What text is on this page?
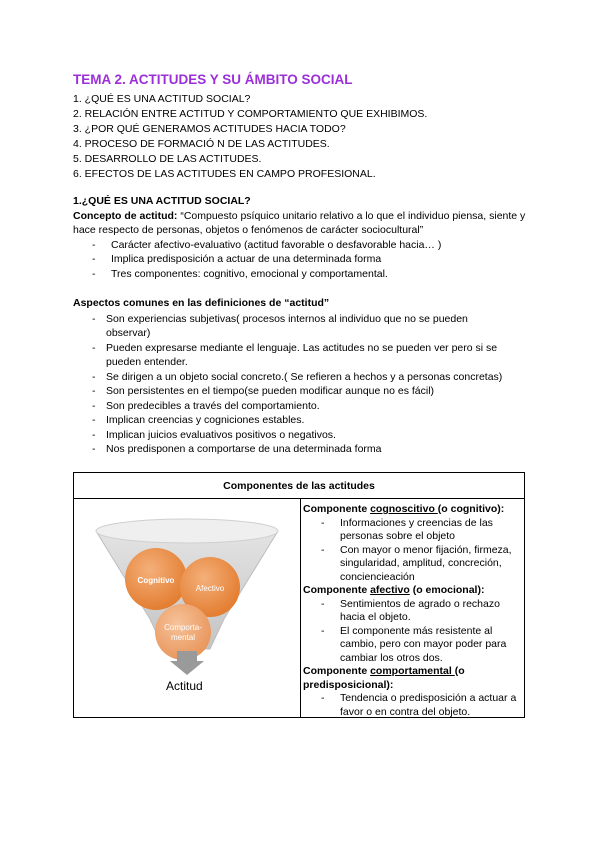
TEMA 2. ACTITUDES Y SU ÁMBITO SOCIAL
1. ¿QUÉ ES UNA ACTITUD SOCIAL?
2. RELACIÓN ENTRE ACTITUD Y COMPORTAMIENTO QUE EXHIBIMOS.
3. ¿POR QUÉ GENERAMOS ACTITUDES HACIA TODO?
4. PROCESO DE FORMACIÓ N DE LAS ACTITUDES.
5. DESARROLLO DE LAS ACTITUDES.
6. EFECTOS DE LAS ACTITUDES EN CAMPO PROFESIONAL.
1.¿QUÉ ES UNA ACTITUD SOCIAL?

Concepto de actitud: “Compuesto psíquico unitario relativo a lo que el individuo piensa, siente y hace respecto de personas, objetos o fenómenos de carácter sociocultural”

- Carácter afectivo-evaluativo (actitud favorable o desfavorable hacia… )
- Implica predisposición a actuar de una determinada forma
- Tres componentes: cognitivo, emocional y comportamental.
Aspectos comunes en las definiciones de “actitud”
- Son experiencias subjetivas( procesos internos al individuo que no se pueden observar)
- Pueden expresarse mediante el lenguaje. Las actitudes no se pueden ver pero si se pueden entender.
- Se dirigen a un objeto social concreto.( Se refieren a hechos y a personas concretas)
- Son persistentes en el tiempo(se pueden modificar aunque no es fácil)
- Son predecibles a través del comportamiento.
- Implican creencias y cogniciones estables.
- Implican juicios evaluativos positivos o negativos.
- Nos predisponen a comportarse de una determinada forma
Componentes de las actitudes
Cognitivo
Afectivo
Comporta-
mental
Actitud
Componente cognoscitivo (o cognitivo):
- Informaciones y creencias de las personas sobre el objeto
- Con mayor o menor fijación, firmeza, singularidad, amplitud, concreción, conciencieación
Componente afectivo (o emocional):
- Sentimientos de agrado o rechazo hacia el objeto.
- El componente más resistente al cambio, pero con mayor poder para cambiar los otros dos.
Componente comportamental (o predisposicional):
- Tendencia o predisposición a actuar a favor o en contra del objeto.
